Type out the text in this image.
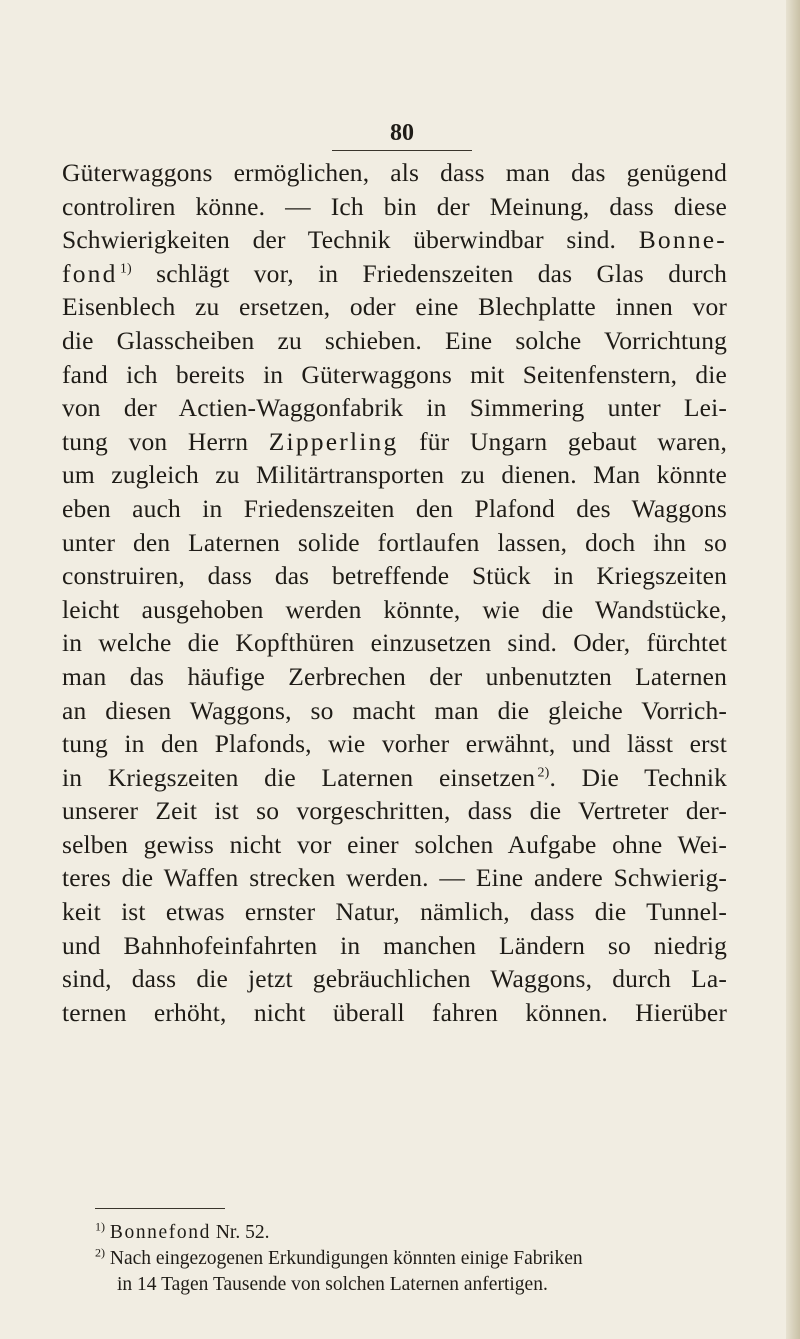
80
Güterwaggons ermöglichen, als dass man das genügend
controliren könne. — Ich bin der Meinung, dass diese
Schwierigkeiten der Technik überwindbar sind. Bonne-
fond  $^{1)}$ schlägt vor, in Friedenszeiten das Glas durch
Eisenblech zu ersetzen, oder eine Blechplatte innen vor
die Glasscheiben zu schieben. Eine solche Vorrichtung
fand ich bereits in Güterwaggons mit Seitenfenstern, die
von der Actien-Waggonfabrik in Simmering unter Lei-
tung von Herrn Zipperling für Ungarn gebaut waren,
um zugleich zu Militärtransporten zu dienen. Man könnte
eben auch in Friedenszeiten den Plafond des Waggons
unter den Laternen solide fortlaufen lassen, doch ihn so
construiren, dass das betreffende Stück in Kriegszeiten
leicht ausgehoben werden könnte, wie die Wandstücke,
in welche die Kopfthüren einzusetzen sind. Oder, fürchtet
man das häufige Zerbrechen der unbenutzten Laternen
an diesen Waggons, so macht man die gleiche Vorrich-
tung in den Plafonds, wie vorher erwähnt, und lässt erst
in Kriegszeiten die Laternen einsetzen  $^{2)}$. Die Technik
unserer Zeit ist so vorgeschritten, dass die Vertreter der-
selben gewiss nicht vor einer solchen Aufgabe ohne Wei-
teres die Waffen strecken werden. — Eine andere Schwierig-
keit ist etwas ernster Natur, nämlich, dass die Tunnel-
und Bahnhofeinfahrten in manchen Ländern so niedrig
sind, dass die jetzt gebräuchlichen Waggons, durch La-
ternen erhöht, nicht überall fahren können. Hierüber
$^{1)}$ Bonnefond Nr. 52.
$^{2)}$ Nach eingezogenen Erkundigungen könnten einige Fabriken
in 14 Tagen Tausende von solchen Laternen anfertigen.
